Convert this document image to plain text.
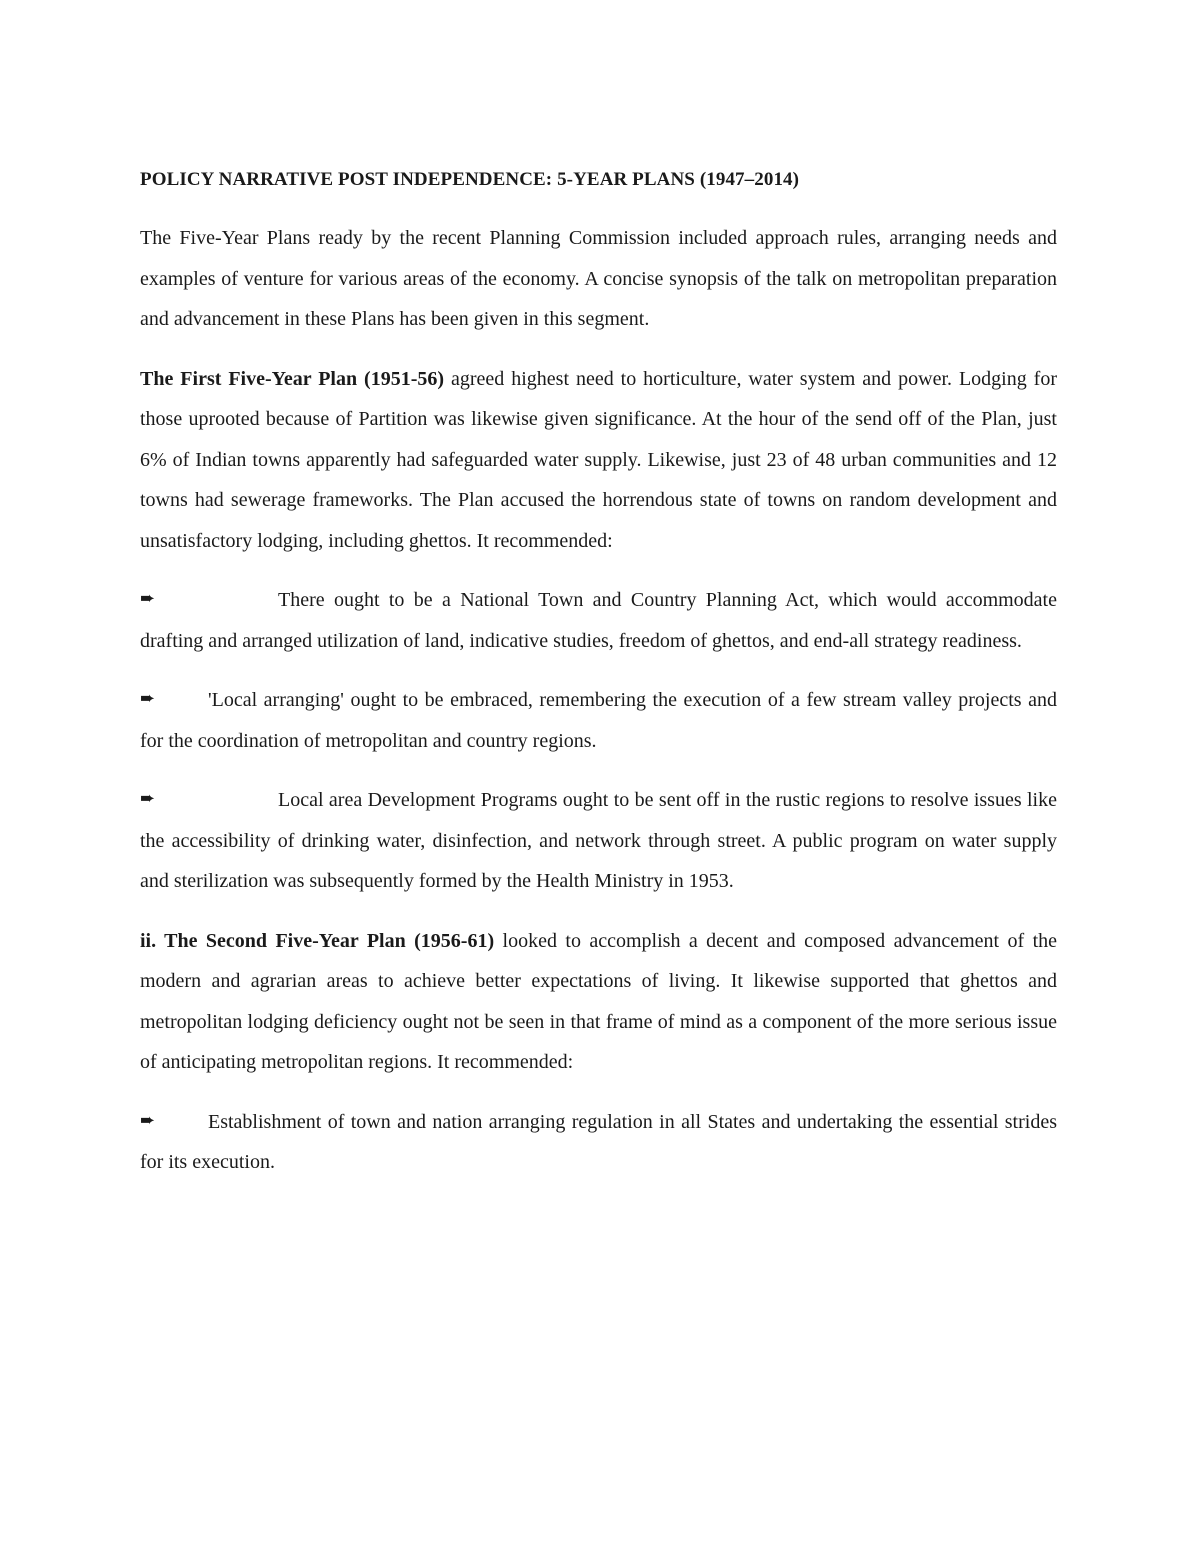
POLICY NARRATIVE POST INDEPENDENCE: 5-YEAR PLANS (1947–2014)

The Five-Year Plans ready by the recent Planning Commission included approach rules, arranging needs and examples of venture for various areas of the economy. A concise synopsis of the talk on metropolitan preparation and advancement in these Plans has been given in this segment.

The First Five-Year Plan (1951-56) agreed highest need to horticulture, water system and power. Lodging for those uprooted because of Partition was likewise given significance. At the hour of the send off of the Plan, just 6% of Indian towns apparently had safeguarded water supply. Likewise, just 23 of 48 urban communities and 12 towns had sewerage frameworks. The Plan accused the horrendous state of towns on random development and unsatisfactory lodging, including ghettos. It recommended:

➨	There ought to be a National Town and Country Planning Act, which would accommodate drafting and arranged utilization of land, indicative studies, freedom of ghettos, and end-all strategy readiness.
➨	'Local arranging' ought to be embraced, remembering the execution of a few stream valley projects and for the coordination of metropolitan and country regions.
➨	Local area Development Programs ought to be sent off in the rustic regions to resolve issues like the accessibility of drinking water, disinfection, and network through street. A public program on water supply and sterilization was subsequently formed by the Health Ministry in 1953.

ii. The Second Five-Year Plan (1956-61) looked to accomplish a decent and composed advancement of the modern and agrarian areas to achieve better expectations of living. It likewise supported that ghettos and metropolitan lodging deficiency ought not be seen in that frame of mind as a component of the more serious issue of anticipating metropolitan regions. It recommended:

➨	Establishment of town and nation arranging regulation in all States and undertaking the essential strides for its execution.
